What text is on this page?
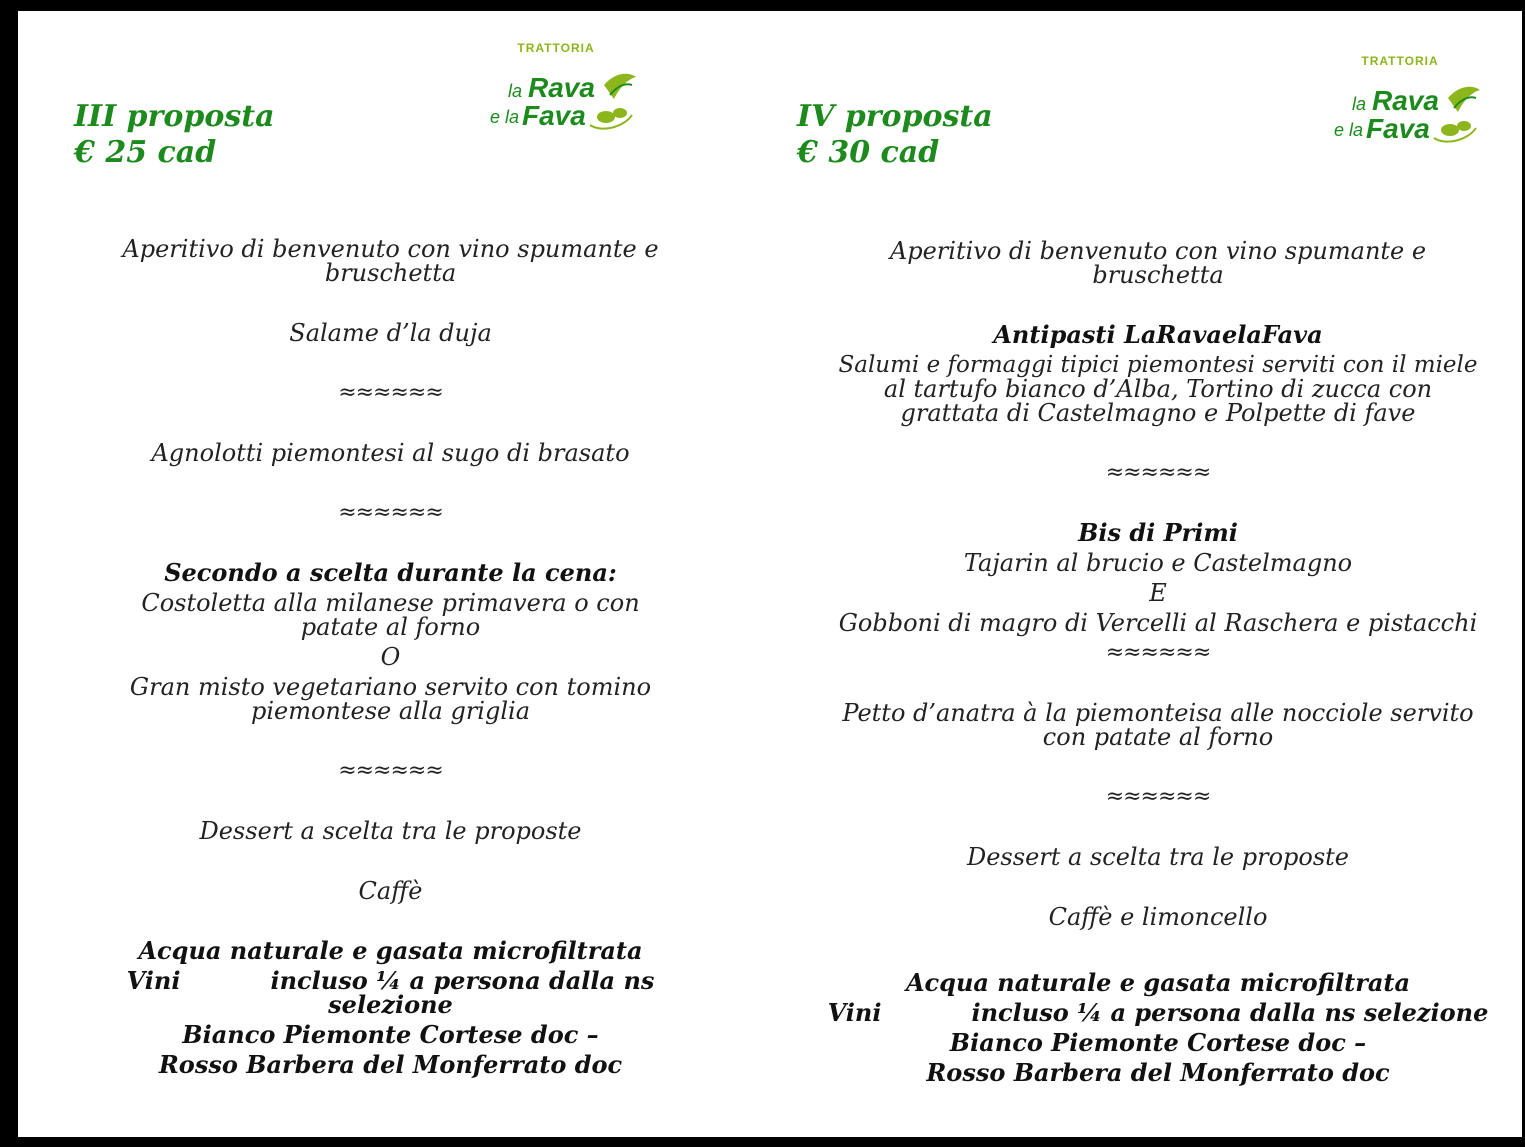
III proposta
€ 25 cad
TRATTORIA
la Rava
e la Fava
Aperitivo di benvenuto con vino spumante e
bruschetta
Salame d’la duja
≈≈≈≈≈≈
Agnolotti piemontesi al sugo di brasato
≈≈≈≈≈≈
Secondo a scelta durante la cena:
Costoletta alla milanese primavera o con
patate al forno
O
Gran misto vegetariano servito con tomino
piemontese alla griglia
≈≈≈≈≈≈
Dessert a scelta tra le proposte
Caffè
Acqua naturale e gasata microfiltrata
Vini	incluso ¼ a persona dalla ns
selezione
Bianco Piemonte Cortese doc –
Rosso Barbera del Monferrato doc
IV proposta
€ 30 cad
TRATTORIA
la Rava
e la Fava
Aperitivo di benvenuto con vino spumante e
bruschetta
Antipasti LaRavaelaFava
Salumi e formaggi tipici piemontesi serviti con il miele
al tartufo bianco d’Alba, Tortino di zucca con
grattata di Castelmagno e Polpette di fave
≈≈≈≈≈≈
Bis di Primi
Tajarin al brucio e Castelmagno
E
Gobboni di magro di Vercelli al Raschera e pistacchi
≈≈≈≈≈≈
Petto d’anatra à la piemonteisa alle nocciole servito
con patate al forno
≈≈≈≈≈≈
Dessert a scelta tra le proposte
Caffè e limoncello
Acqua naturale e gasata microfiltrata
Vini	incluso ¼ a persona dalla ns selezione
Bianco Piemonte Cortese doc –
Rosso Barbera del Monferrato doc
